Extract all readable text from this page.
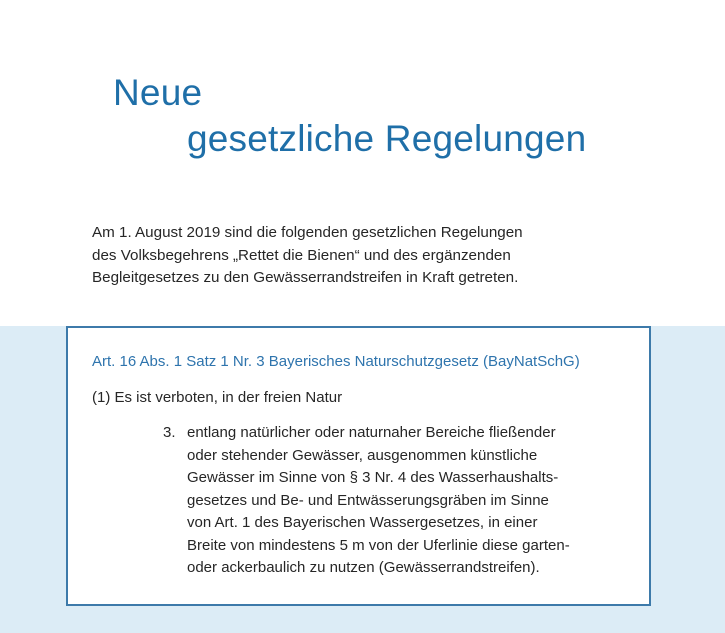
Neue
gesetzliche Regelungen
Am 1. August 2019 sind die folgenden gesetzlichen Regelungen
des Volksbegehrens „Rettet die Bienen“ und des ergänzenden
Begleitgesetzes zu den Gewässerrandstreifen in Kraft getreten.
Art. 16 Abs. 1 Satz 1 Nr. 3 Bayerisches Naturschutzgesetz (BayNatSchG)
(1) Es ist verboten, in der freien Natur
3. entlang natürlicher oder naturnaher Bereiche fließender
oder stehender Gewässer, ausgenommen künstliche
Gewässer im Sinne von § 3 Nr. 4 des Wasserhaushalts-
gesetzes und Be- und Entwässerungsgräben im Sinne
von Art. 1 des Bayerischen Wassergesetzes, in einer
Breite von mindestens 5 m von der Uferlinie diese garten-
oder ackerbaulich zu nutzen (Gewässerrandstreifen).
